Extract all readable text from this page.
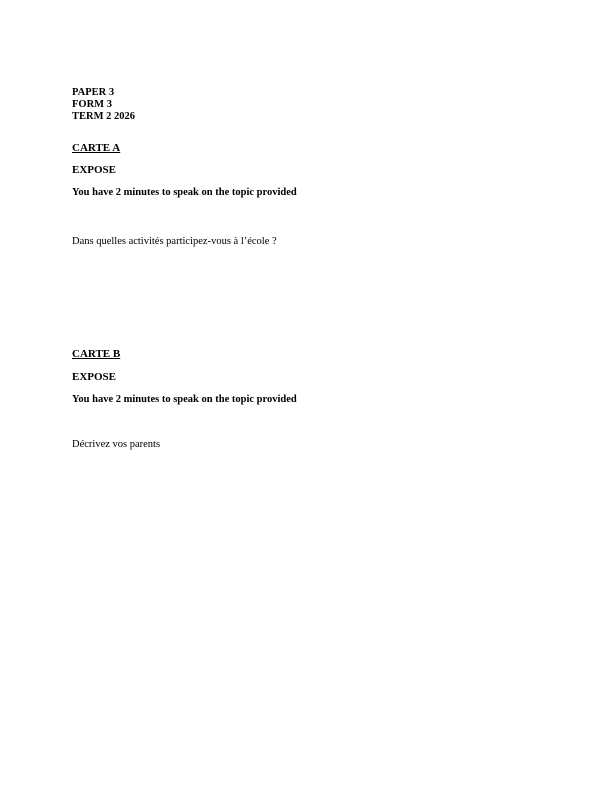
PAPER 3
FORM 3
TERM 2 2026
CARTE A
EXPOSE
You have 2 minutes to speak on the topic provided
Dans quelles activités participez-vous à l’école ?
CARTE B
EXPOSE
You have 2 minutes to speak on the topic provided
Décrivez vos parents
